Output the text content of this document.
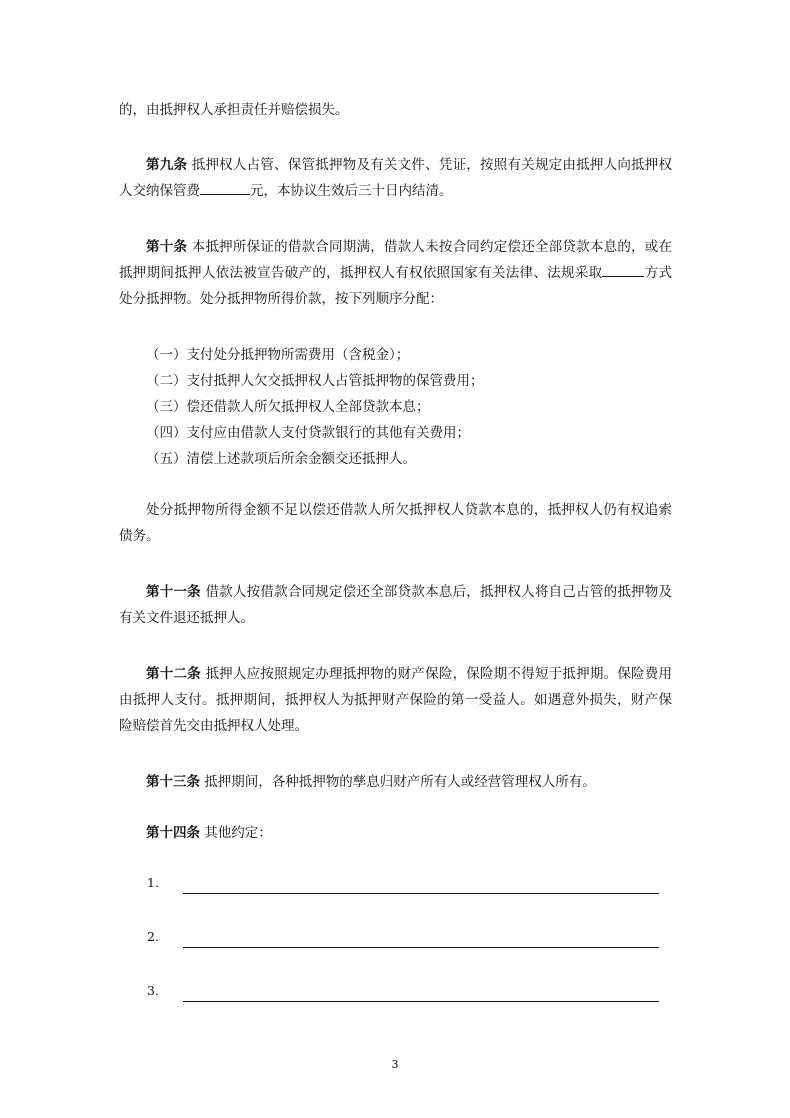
的，由抵押权人承担责任并赔偿损失。

第九条 抵押权人占管、保管抵押物及有关文件、凭证，按照有关规定由抵押人向抵押权人交纳保管费	元，本协议生效后三十日内结清。

第十条 本抵押所保证的借款合同期满，借款人未按合同约定偿还全部贷款本息的，或在抵押期间抵押人依法被宣告破产的，抵押权人有权依照国家有关法律、法规采取	方式处分抵押物。处分抵押物所得价款，按下列顺序分配：

（一）支付处分抵押物所需费用（含税金）；

（二）支付抵押人欠交抵押权人占管抵押物的保管费用；

（三）偿还借款人所欠抵押权人全部贷款本息；

（四）支付应由借款人支付贷款银行的其他有关费用；

（五）清偿上述款项后所余金额交还抵押人。

处分抵押物所得金额不足以偿还借款人所欠抵押权人贷款本息的，抵押权人仍有权追索债务。

第十一条 借款人按借款合同规定偿还全部贷款本息后，抵押权人将自己占管的抵押物及有关文件退还抵押人。

第十二条 抵押人应按照规定办理抵押物的财产保险，保险期不得短于抵押期。保险费用由抵押人支付。抵押期间，抵押权人为抵押财产保险的第一受益人。如遇意外损失，财产保险赔偿首先交由抵押权人处理。

第十三条 抵押期间，各种抵押物的孳息归财产所有人或经营管理权人所有。

第十四条 其他约定：

1.
2.
3.
3
